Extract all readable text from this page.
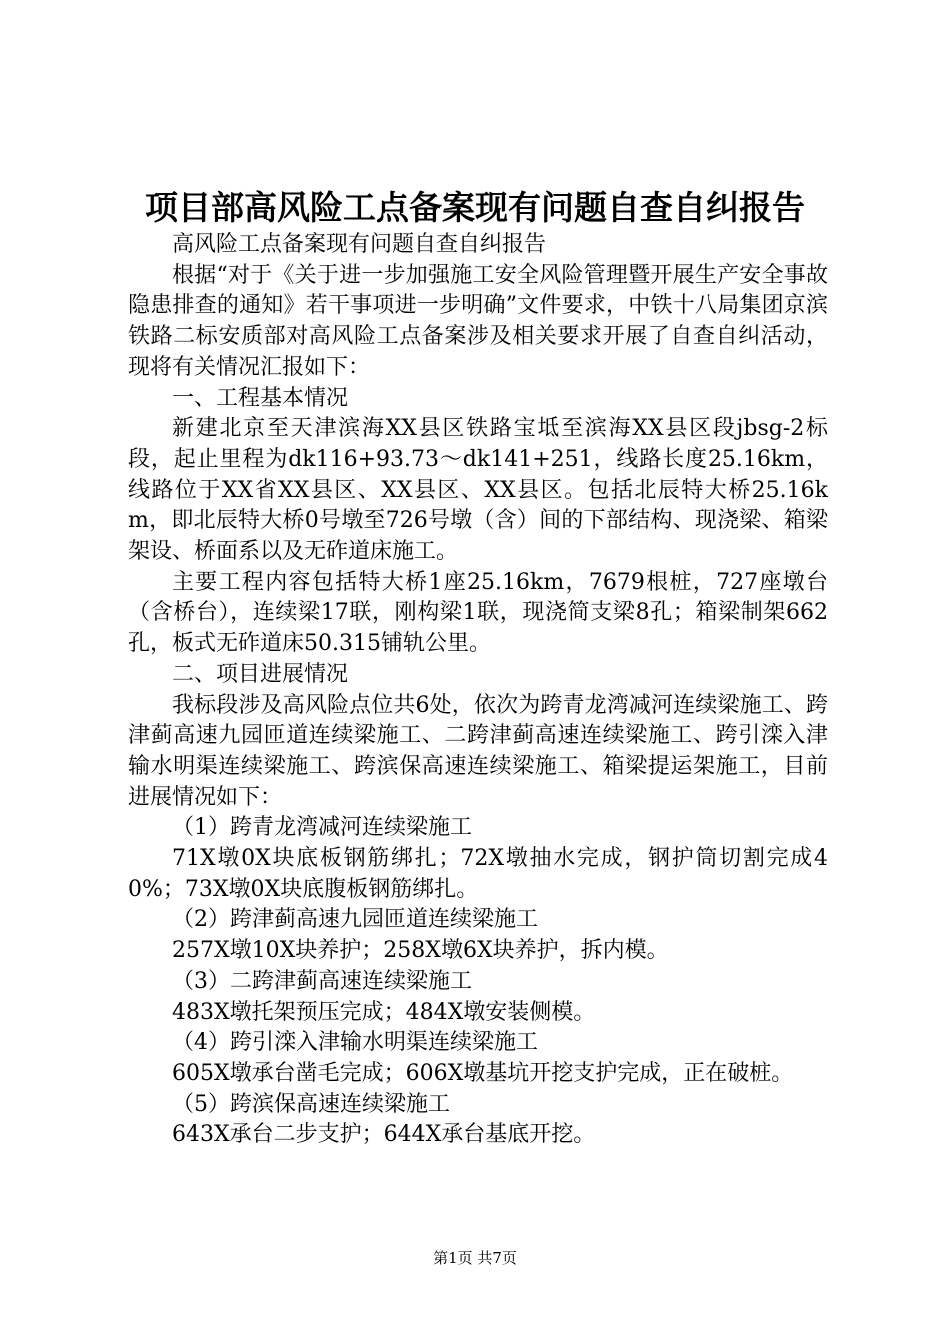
项目部高风险工点备案现有问题自查自纠报告

高风险工点备案现有问题自查自纠报告

根据“对于《关于进一步加强施工安全风险管理暨开展生产安全事故隐患排查的通知》若干事项进一步明确”文件要求，中铁十八局集团京滨铁路二标安质部对高风险工点备案涉及相关要求开展了自查自纠活动，现将有关情况汇报如下：

一、工程基本情况

新建北京至天津滨海XX县区铁路宝坻至滨海XX县区段jbsg-2标段，起止里程为dk116+93.73～dk141+251，线路长度25.16km，线路位于XX省XX县区、XX县区、XX县区。包括北辰特大桥25.16km，即北辰特大桥0号墩至726号墩（含）间的下部结构、现浇梁、箱梁架设、桥面系以及无砟道床施工。

主要工程内容包括特大桥1座25.16km，7679根桩，727座墩台（含桥台），连续梁17联，刚构梁1联，现浇简支梁8孔；箱梁制架662孔，板式无砟道床50.315铺轨公里。

二、项目进展情况

我标段涉及高风险点位共6处，依次为跨青龙湾减河连续梁施工、跨津蓟高速九园匝道连续梁施工、二跨津蓟高速连续梁施工、跨引滦入津输水明渠连续梁施工、跨滨保高速连续梁施工、箱梁提运架施工，目前进展情况如下：

（1）跨青龙湾减河连续梁施工

71X墩0X块底板钢筋绑扎；72X墩抽水完成，钢护筒切割完成40%；73X墩0X块底腹板钢筋绑扎。

（2）跨津蓟高速九园匝道连续梁施工

257X墩10X块养护；258X墩6X块养护，拆内模。

（3）二跨津蓟高速连续梁施工

483X墩托架预压完成；484X墩安装侧模。

（4）跨引滦入津输水明渠连续梁施工

605X墩承台凿毛完成；606X墩基坑开挖支护完成，正在破桩。

（5）跨滨保高速连续梁施工

643X承台二步支护；644X承台基底开挖。

第1页 共7页
